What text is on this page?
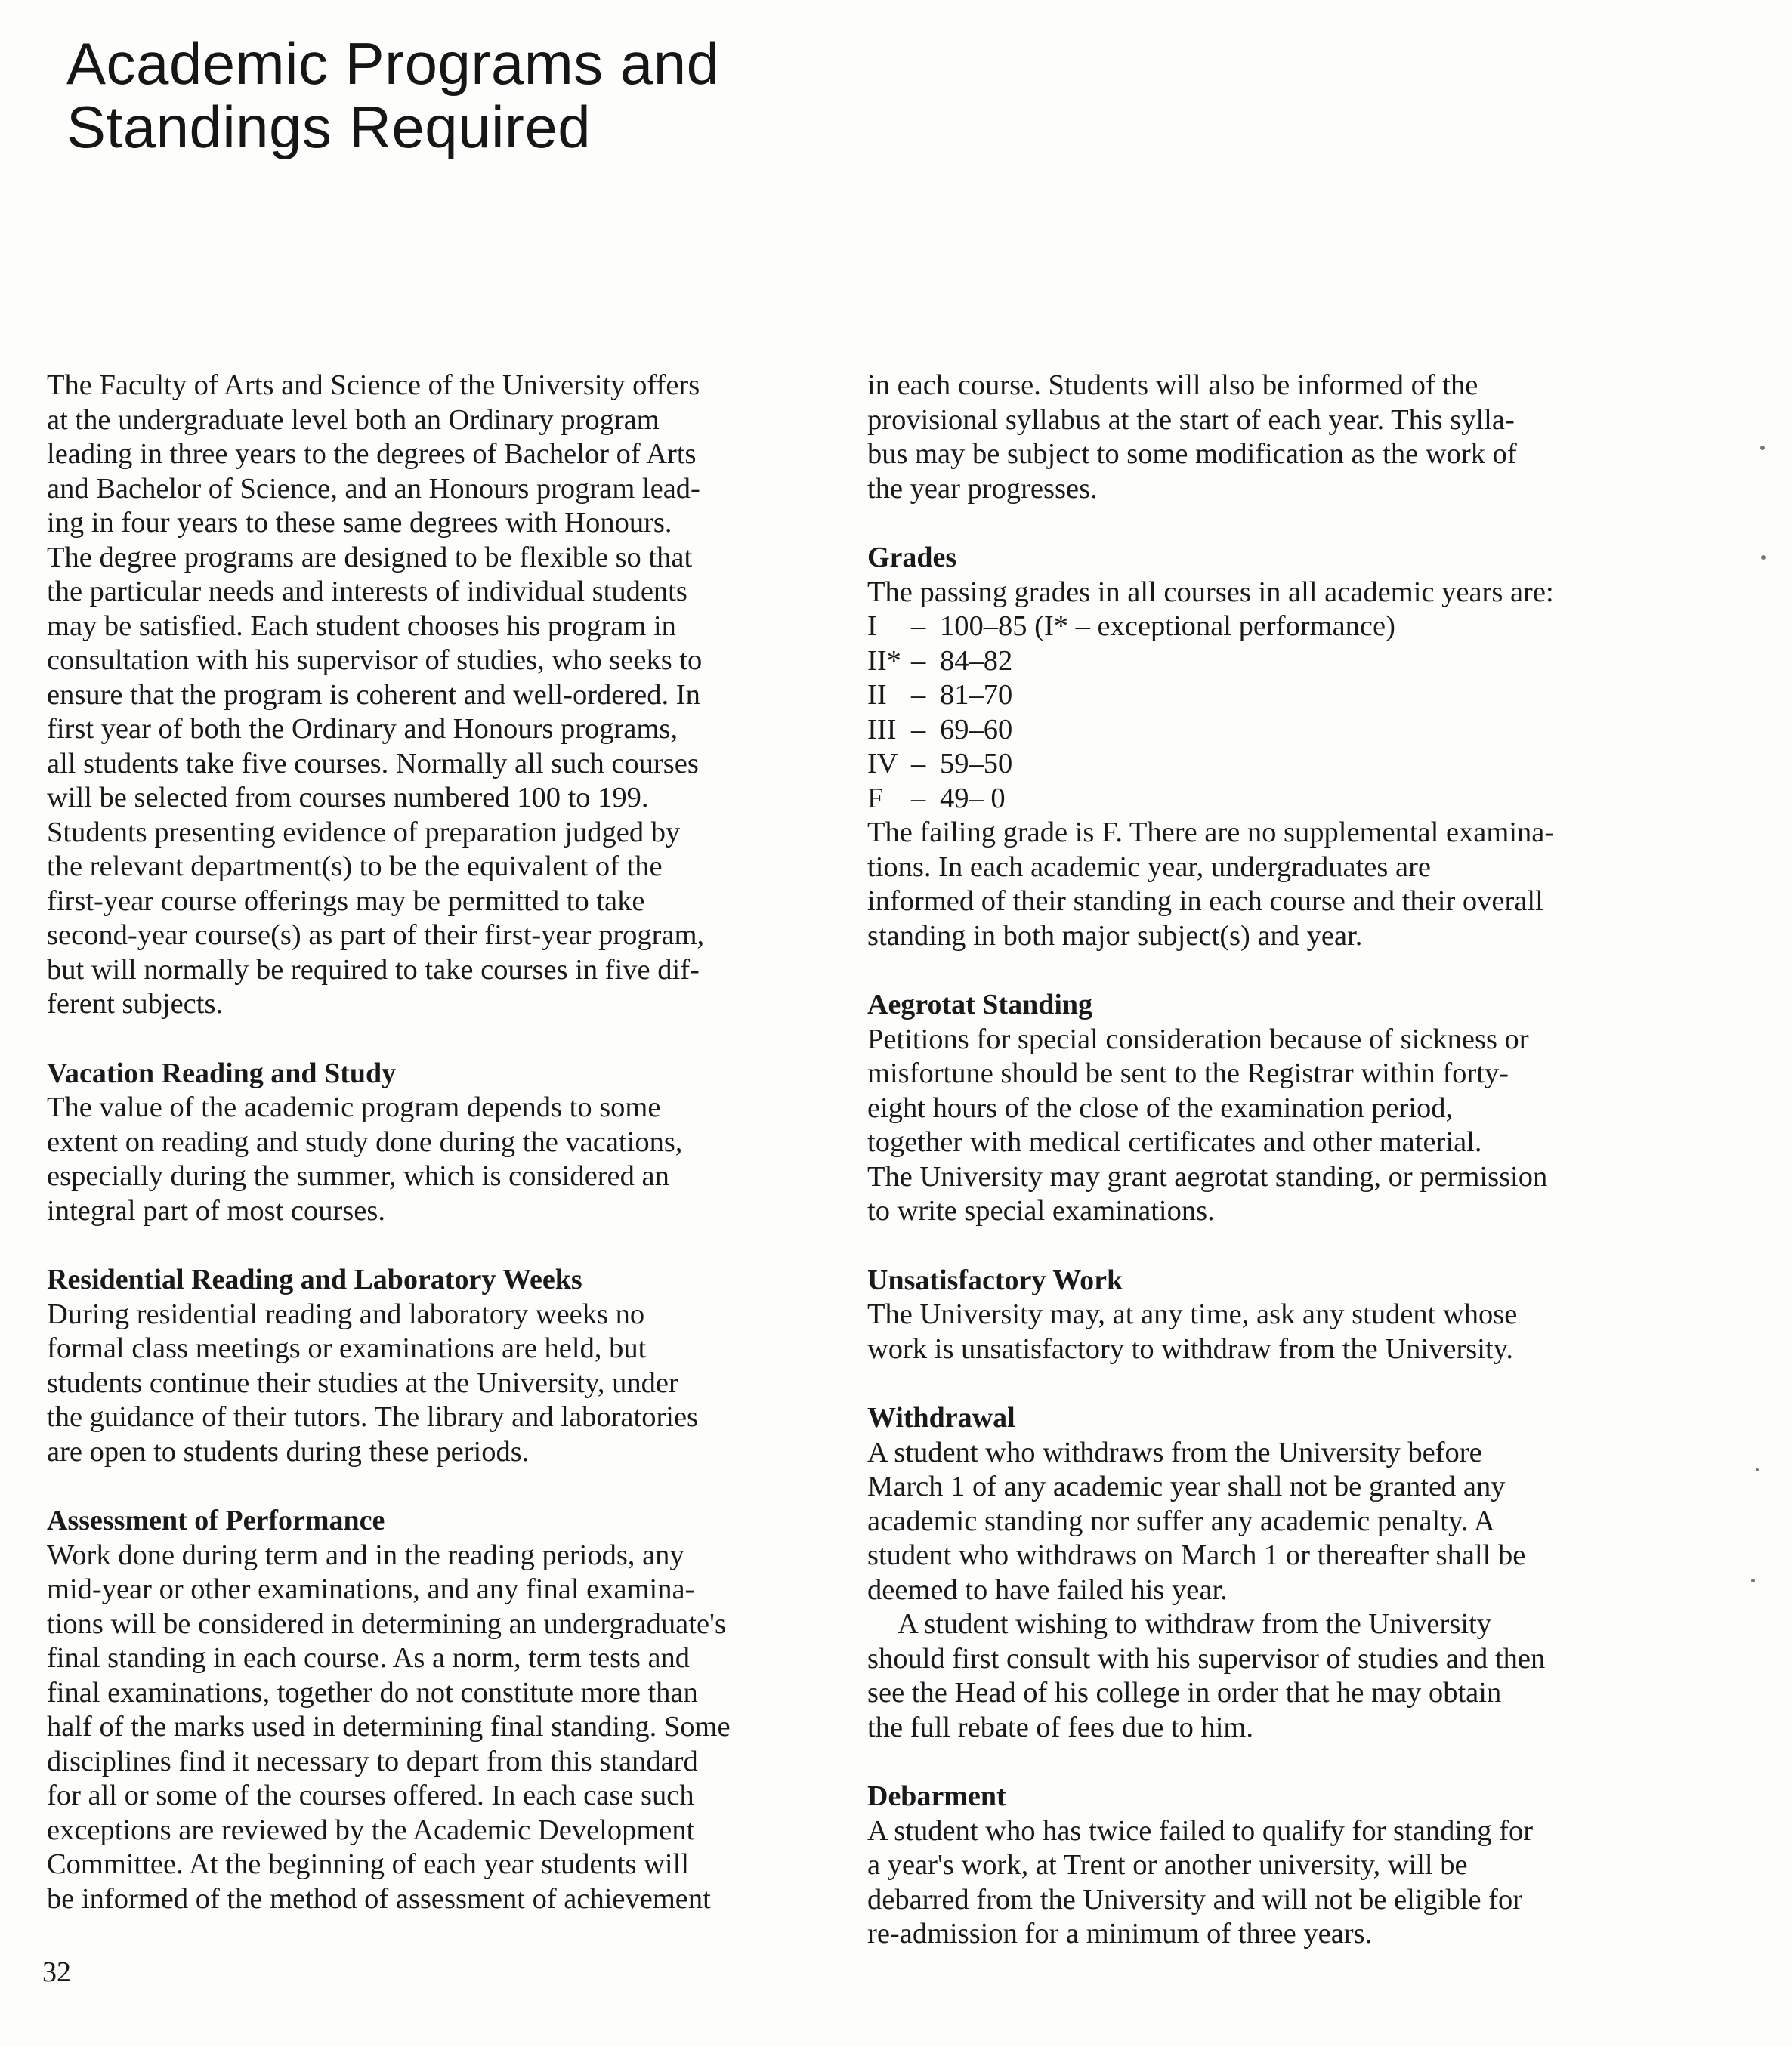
Academic Programs and
Standings Required

The Faculty of Arts and Science of the University offers
at the undergraduate level both an Ordinary program
leading in three years to the degrees of Bachelor of Arts
and Bachelor of Science, and an Honours program lead-
ing in four years to these same degrees with Honours.
The degree programs are designed to be flexible so that
the particular needs and interests of individual students
may be satisfied. Each student chooses his program in
consultation with his supervisor of studies, who seeks to
ensure that the program is coherent and well-ordered. In
first year of both the Ordinary and Honours programs,
all students take five courses. Normally all such courses
will be selected from courses numbered 100 to 199.
Students presenting evidence of preparation judged by
the relevant department(s) to be the equivalent of the
first-year course offerings may be permitted to take
second-year course(s) as part of their first-year program,
but will normally be required to take courses in five dif-
ferent subjects.

Vacation Reading and Study

The value of the academic program depends to some
extent on reading and study done during the vacations,
especially during the summer, which is considered an
integral part of most courses.

Residential Reading and Laboratory Weeks

During residential reading and laboratory weeks no
formal class meetings or examinations are held, but
students continue their studies at the University, under
the guidance of their tutors. The library and laboratories
are open to students during these periods.

Assessment of Performance

Work done during term and in the reading periods, any
mid-year or other examinations, and any final examina-
tions will be considered in determining an undergraduate's
final standing in each course. As a norm, term tests and
final examinations, together do not constitute more than
half of the marks used in determining final standing. Some
disciplines find it necessary to depart from this standard
for all or some of the courses offered. In each case such
exceptions are reviewed by the Academic Development
Committee. At the beginning of each year students will
be informed of the method of assessment of achievement

in each course. Students will also be informed of the
provisional syllabus at the start of each year. This sylla-
bus may be subject to some modification as the work of
the year progresses.

Grades

The passing grades in all courses in all academic years are:

I – 100–85 (I* – exceptional performance)
II* – 84–82
II – 81–70
III – 69–60
IV – 59–50
F – 49– 0

The failing grade is F. There are no supplemental examina-
tions. In each academic year, undergraduates are
informed of their standing in each course and their overall
standing in both major subject(s) and year.

Aegrotat Standing

Petitions for special consideration because of sickness or
misfortune should be sent to the Registrar within forty-
eight hours of the close of the examination period,
together with medical certificates and other material.
The University may grant aegrotat standing, or permission
to write special examinations.

Unsatisfactory Work

The University may, at any time, ask any student whose
work is unsatisfactory to withdraw from the University.

Withdrawal

A student who withdraws from the University before
March 1 of any academic year shall not be granted any
academic standing nor suffer any academic penalty. A
student who withdraws on March 1 or thereafter shall be
deemed to have failed his year.

A student wishing to withdraw from the University
should first consult with his supervisor of studies and then
see the Head of his college in order that he may obtain
the full rebate of fees due to him.

Debarment

A student who has twice failed to qualify for standing for
a year's work, at Trent or another university, will be
debarred from the University and will not be eligible for
re-admission for a minimum of three years.

32
